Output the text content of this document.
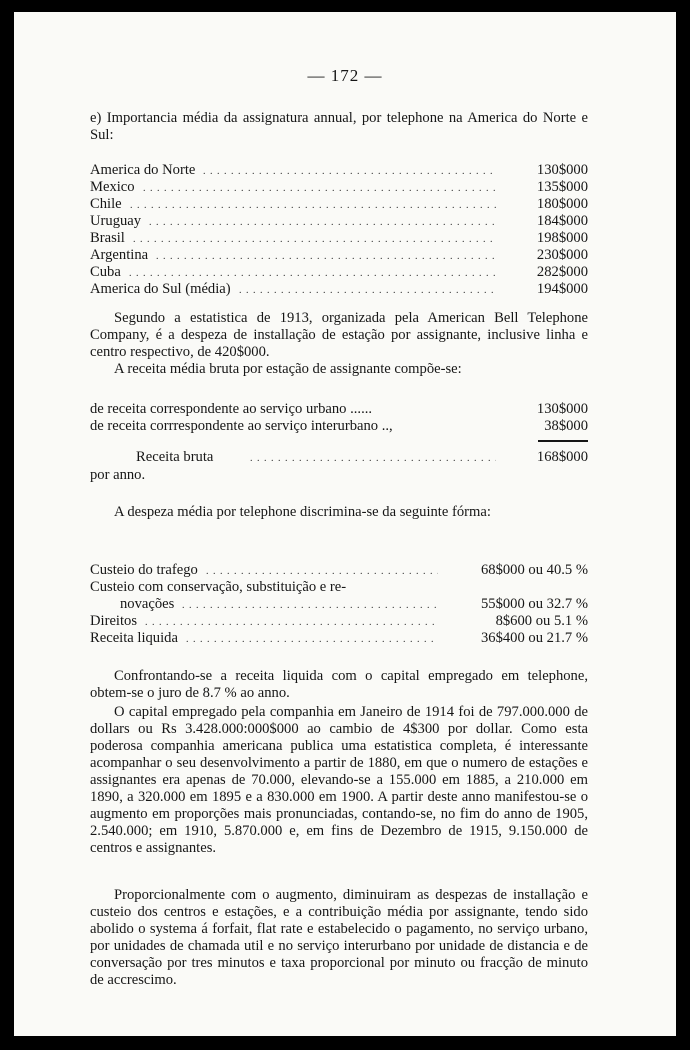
— 172 —
e) Importancia média da assignatura annual, por telephone na America do Norte e Sul:
Segundo a estatistica de 1913, organizada pela American Bell Telephone Company, é a despeza de installação de estação por assignante, inclusive linha e centro respectivo, de 420$000.
A receita média bruta por estação de assignante compõe-se:
Receita bruta . . .	168$000
por anno.
A despeza média por telephone discrimina-se da seguinte fórma:
Confrontando-se a receita liquida com o capital empregado em telephone, obtem-se o juro de 8.7 % ao anno.
O capital empregado pela companhia em Janeiro de 1914 foi de 797.000.000 de dollars ou Rs 3.428.000:000$000 ao cambio de 4$300 por dollar. Como esta poderosa companhia americana publica uma estatistica completa, é interessante acompanhar o seu desenvolvimento a partir de 1880, em que o numero de estações e assignantes era apenas de 70.000, elevando-se a 155.000 em 1885, a 210.000 em 1890, a 320.000 em 1895 e a 830.000 em 1900. A partir deste anno manifestou-se o augmento em proporções mais pronunciadas, contando-se, no fim do anno de 1905, 2.540.000; em 1910, 5.870.000 e, em fins de Dezembro de 1915, 9.150.000 de centros e assignantes.
Proporcionalmente com o augmento, diminuiram as despezas de installação e custeio dos centros e estações, e a contribuição média por assignante, tendo sido abolido o systema á forfait, flat rate e estabelecido o pagamento, no serviço urbano, por unidades de chamada util e no serviço interurbano por unidade de distancia e de conversação por tres minutos e taxa proporcional por minuto ou fracção de minuto de accrescimo.
America do Norte . . .	130$000
Mexico . . .	135$000
Chile . . .	180$000
Uruguay . . .	184$000
Brasil . . .	198$000
Argentina . . .	230$000
Cuba . . .	282$000
America do Sul (média) . . .	194$000
de receita correspondente ao serviço urbano ......	130$000
de receita corrrespondente ao serviço interurbano ..,	38$000
Custeio do trafego . . .	68$000 ou 40.5 %
Custeio com conservação, substituição e re-
novações . . .	55$000 ou 32.7 %
Direitos . . .	8$600 ou 5.1 %
Receita liquida . . .	36$400 ou 21.7 %
